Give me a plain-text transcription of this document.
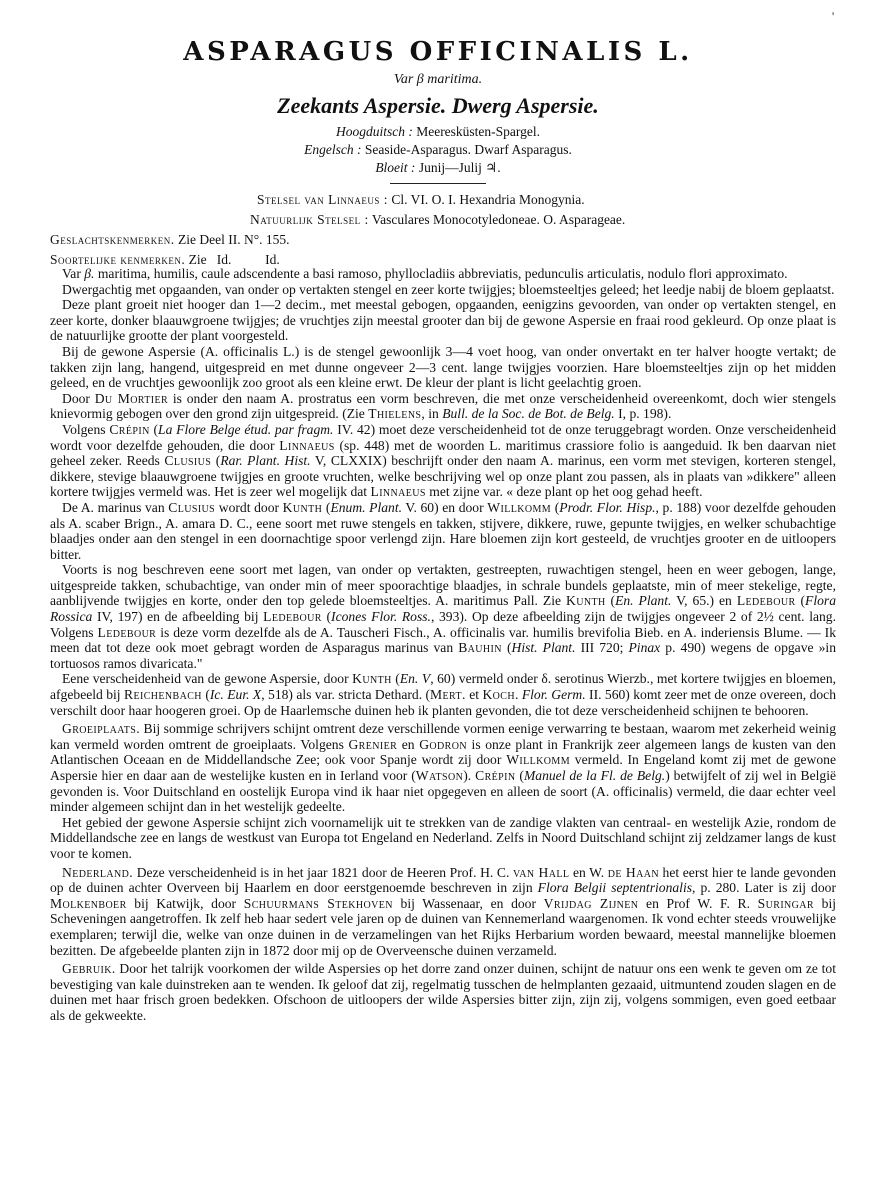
'
ASPARAGUS OFFICINALIS L.
Var β maritima.
Zeekants Aspersie. Dwerg Aspersie.
Hoogduitsch : Meeresküsten-Spargel.
Engelsch : Seaside-Asparagus. Dwarf Asparagus.
Bloeit : Junij—Julij ♃.
Stelsel van Linnaeus : Cl. VI. O. I. Hexandria Monogynia.
Natuurlijk Stelsel : Vasculares Monocotyledoneae. O. Asparageae.
Geslachtskenmerken. Zie Deel II. N°. 155.
Soortelijke kenmerken. Zie   Id.          Id.

Var β. maritima, humilis, caule adscendente a basi ramoso, phyllocladiis abbreviatis, pedunculis articulatis, nodulo flori approximato.

Dwergachtig met opgaanden, van onder op vertakten stengel en zeer korte twijgjes; bloemsteeltjes geleed; het leedje nabij de bloem geplaatst.

Deze plant groeit niet hooger dan 1—2 decim., met meestal gebogen, opgaanden, eenigzins gevoorden, van onder op vertakten stengel, en zeer korte, donker blaauwgroene twijgjes; de vruchtjes zijn meestal grooter dan bij de gewone Aspersie en fraai rood gekleurd. Op onze plaat is de natuurlijke grootte der plant voorgesteld.

Bij de gewone Aspersie (A. officinalis L.) is de stengel gewoonlijk 3—4 voet hoog, van onder onvertakt en ter halver hoogte vertakt; de takken zijn lang, hangend, uitgespreid en met dunne ongeveer 2—3 cent. lange twijgjes voorzien. Hare bloemsteeltjes zijn op het midden geleed, en de vruchtjes gewoonlijk zoo groot als een kleine erwt. De kleur der plant is licht geelachtig groen.

Door Du Mortier is onder den naam A. prostratus een vorm beschreven, die met onze verscheidenheid overeenkomt, doch wier stengels knievormig gebogen over den grond zijn uitgespreid. (Zie Thielens, in Bull. de la Soc. de Bot. de Belg. I, p. 198).

Volgens Crépin (La Flore Belge étud. par fragm. IV. 42) moet deze verscheidenheid tot de onze teruggebragt worden. Onze verscheidenheid wordt voor dezelfde gehouden, die door Linnaeus (sp. 448) met de woorden L. maritimus crassiore folio is aangeduid. Ik ben daarvan niet geheel zeker. Reeds Clusius (Rar. Plant. Hist. V, CLXXIX) beschrijft onder den naam A. marinus, een vorm met stevigen, korteren stengel, dikkere, stevige blaauwgroene twijgjes en groote vruchten, welke beschrijving wel op onze plant zou passen, als in plaats van »dikkere" alleen kortere twijgjes vermeld was. Het is zeer wel mogelijk dat Linnaeus met zijne var. « deze plant op het oog gehad heeft.

De A. marinus van Clusius wordt door Kunth (Enum. Plant. V. 60) en door Willkomm (Prodr. Flor. Hisp., p. 188) voor dezelfde gehouden als A. scaber Brign., A. amara D. C., eene soort met ruwe stengels en takken, stijvere, dikkere, ruwe, gepunte twijgjes, en welker schubachtige blaadjes onder aan den stengel in een doornachtige spoor verlengd zijn. Hare bloemen zijn kort gesteeld, de vruchtjes grooter en de uitloopers bitter.

Voorts is nog beschreven eene soort met lagen, van onder op vertakten, gestreepten, ruwachtigen stengel, heen en weer gebogen, lange, uitgespreide takken, schubachtige, van onder min of meer spoorachtige blaadjes, in schrale bundels geplaatste, min of meer stekelige, regte, aanblijvende twijgjes en korte, onder den top gelede bloemsteeltjes. A. maritimus Pall. Zie Kunth (En. Plant. V, 65.) en Ledebour (Flora Rossica IV, 197) en de afbeelding bij Ledebour (Icones Flor. Ross., 393). Op deze afbeelding zijn de twijgjes ongeveer 2 of 2½ cent. lang. Volgens Ledebour is deze vorm dezelfde als de A. Tauscheri Fisch., A. officinalis var. humilis brevifolia Bieb. en A. inderiensis Blume. — Ik meen dat tot deze ook moet gebragt worden de Asparagus marinus van Bauhin (Hist. Plant. III 720; Pinax p. 490) wegens de opgave »in tortuosos ramos divaricata."

Eene verscheidenheid van de gewone Aspersie, door Kunth (En. V, 60) vermeld onder δ. serotinus Wierzb., met kortere twijgjes en bloemen, afgebeeld bij Reichenbach (Ic. Eur. X, 518) als var. stricta Dethard. (Mert. et Koch. Flor. Germ. II. 560) komt zeer met de onze overeen, doch verschilt door haar hoogeren groei. Op de Haarlemsche duinen heb ik planten gevonden, die tot deze verscheidenheid schijnen te behooren.

Groeiplaats. Bij sommige schrijvers schijnt omtrent deze verschillende vormen eenige verwarring te bestaan, waarom met zekerheid weinig kan vermeld worden omtrent de groeiplaats. Volgens Grenier en Godron is onze plant in Frankrijk zeer algemeen langs de kusten van den Atlantischen Oceaan en de Middellandsche Zee; ook voor Spanje wordt zij door Willkomm vermeld. In Engeland komt zij met de gewone Aspersie hier en daar aan de westelijke kusten en in Ierland voor (Watson). Crépin (Manuel de la Fl. de Belg.) betwijfelt of zij wel in België gevonden is. Voor Duitschland en oostelijk Europa vind ik haar niet opgegeven en alleen de soort (A. officinalis) vermeld, die daar echter veel minder algemeen schijnt dan in het westelijk gedeelte.

Het gebied der gewone Aspersie schijnt zich voornamelijk uit te strekken van de zandige vlakten van centraal- en westelijk Azie, rondom de Middellandsche zee en langs de westkust van Europa tot Engeland en Nederland. Zelfs in Noord Duitschland schijnt zij zeldzamer langs de kust voor te komen.

Nederland. Deze verscheidenheid is in het jaar 1821 door de Heeren Prof. H. C. van Hall en W. de Haan het eerst hier te lande gevonden op de duinen achter Overveen bij Haarlem en door eerstgenoemde beschreven in zijn Flora Belgii septentrionalis, p. 280. Later is zij door Molkenboer bij Katwijk, door Schuurmans Stekhoven bij Wassenaar, en door Vrijdag Zijnen en Prof W. F. R. Suringar bij Scheveningen aangetroffen. Ik zelf heb haar sedert vele jaren op de duinen van Kennemerland waargenomen. Ik vond echter steeds vrouwelijke exemplaren; terwijl die, welke van onze duinen in de verzamelingen van het Rijks Herbarium worden bewaard, meestal mannelijke bloemen bezitten. De afgebeelde planten zijn in 1872 door mij op de Overveensche duinen verzameld.

Gebruik. Door het talrijk voorkomen der wilde Aspersies op het dorre zand onzer duinen, schijnt de natuur ons een wenk te geven om ze tot bevestiging van kale duinstreken aan te wenden. Ik geloof dat zij, regelmatig tusschen de helmplanten gezaaid, uitmuntend zouden slagen en de duinen met haar frisch groen bedekken. Ofschoon de uitloopers der wilde Aspersies bitter zijn, zijn zij, volgens sommigen, even goed eetbaar als de gekweekte.
